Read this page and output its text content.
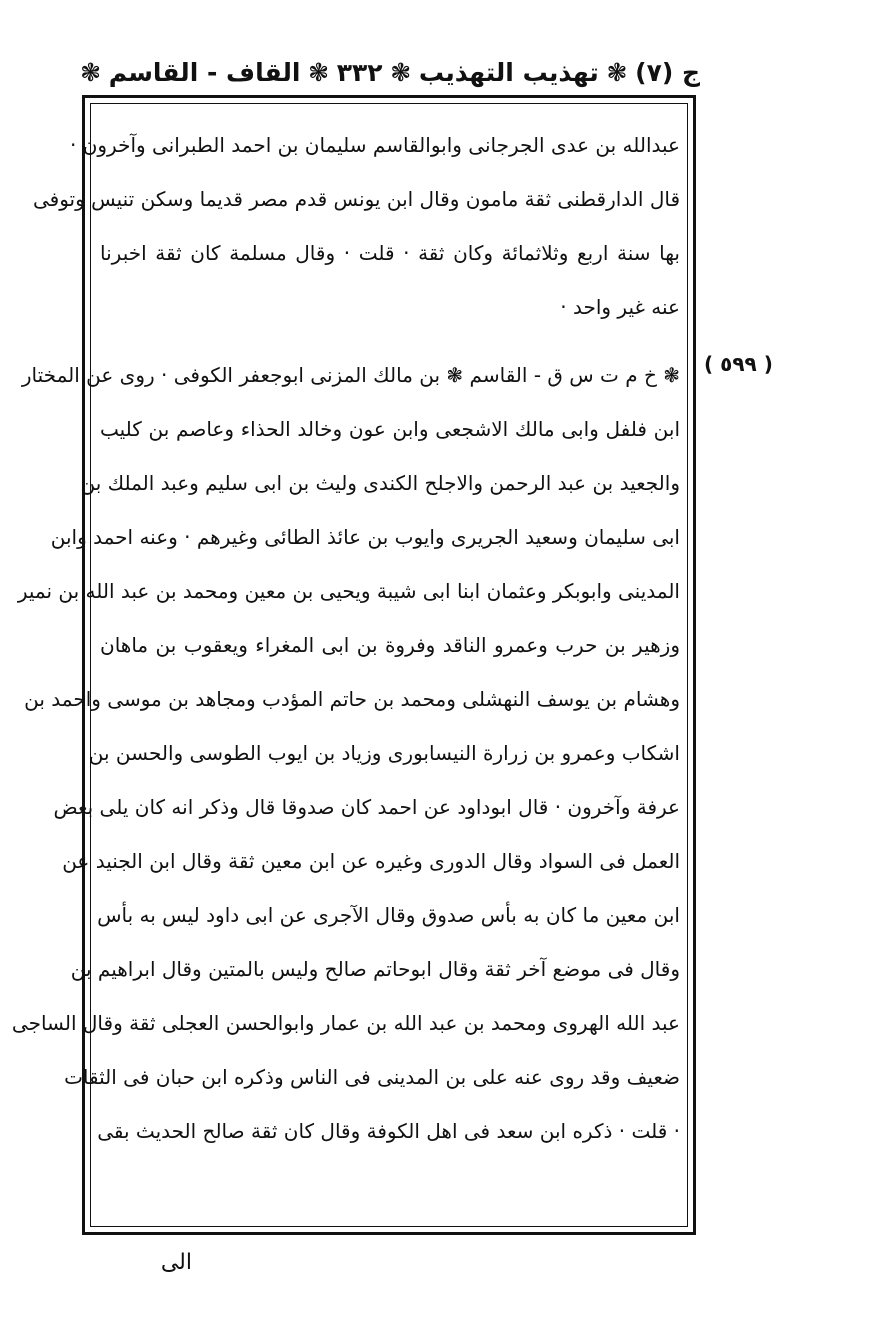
ج (٧)
❃
تهذيب التهذيب
❃
٣٣٢
❃
القاف - القاسم
❃
( ٥٩٩ )
عبدالله بن عدى الجرجانى وابوالقاسم سليمان بن احمد الطبرانى وآخرون ·
قال الدارقطنى ثقة مامون وقال ابن يونس قدم مصر قديما وسكن تنيس وتوفى
بها سنة اربع وثلاثمائة وكان ثقة · قلت · وقال مسلمة كان ثقة اخبرنا
عنه غير واحد ·
❃ خ م ت س ق - القاسم ❃ بن مالك المزنى ابوجعفر الكوفى · روى عن المختار
ابن فلفل وابى مالك الاشجعى وابن عون وخالد الحذاء وعاصم بن كليب
والجعيد بن عبد الرحمن والاجلح الكندى وليث بن ابى سليم وعبد الملك بن
ابى سليمان وسعيد الجريرى وايوب بن عائذ الطائى وغيرهم · وعنه احمد وابن
المدينى وابوبكر وعثمان ابنا ابى شيبة ويحيى بن معين ومحمد بن عبد الله بن نمير
وزهير بن حرب وعمرو الناقد وفروة بن ابى المغراء ويعقوب بن ماهان
وهشام بن يوسف النهشلى ومحمد بن حاتم المؤدب ومجاهد بن موسى واحمد بن
اشكاب وعمرو بن زرارة النيسابورى وزياد بن ايوب الطوسى والحسن بن
عرفة وآخرون · قال ابوداود عن احمد كان صدوقا قال وذكر انه كان يلى بعض
العمل فى السواد وقال الدورى وغيره عن ابن معين ثقة وقال ابن الجنيد عن
ابن معين ما كان به بأس صدوق وقال الآجرى عن ابى داود ليس به بأس
وقال فى موضع آخر ثقة وقال ابوحاتم صالح وليس بالمتين وقال ابراهيم بن
عبد الله الهروى ومحمد بن عبد الله بن عمار وابوالحسن العجلى ثقة وقال الساجى
ضعيف وقد روى عنه على بن المدينى فى الناس وذكره ابن حبان فى الثقات
· قلت · ذكره ابن سعد فى اهل الكوفة وقال كان ثقة صالح الحديث بقى
الى
